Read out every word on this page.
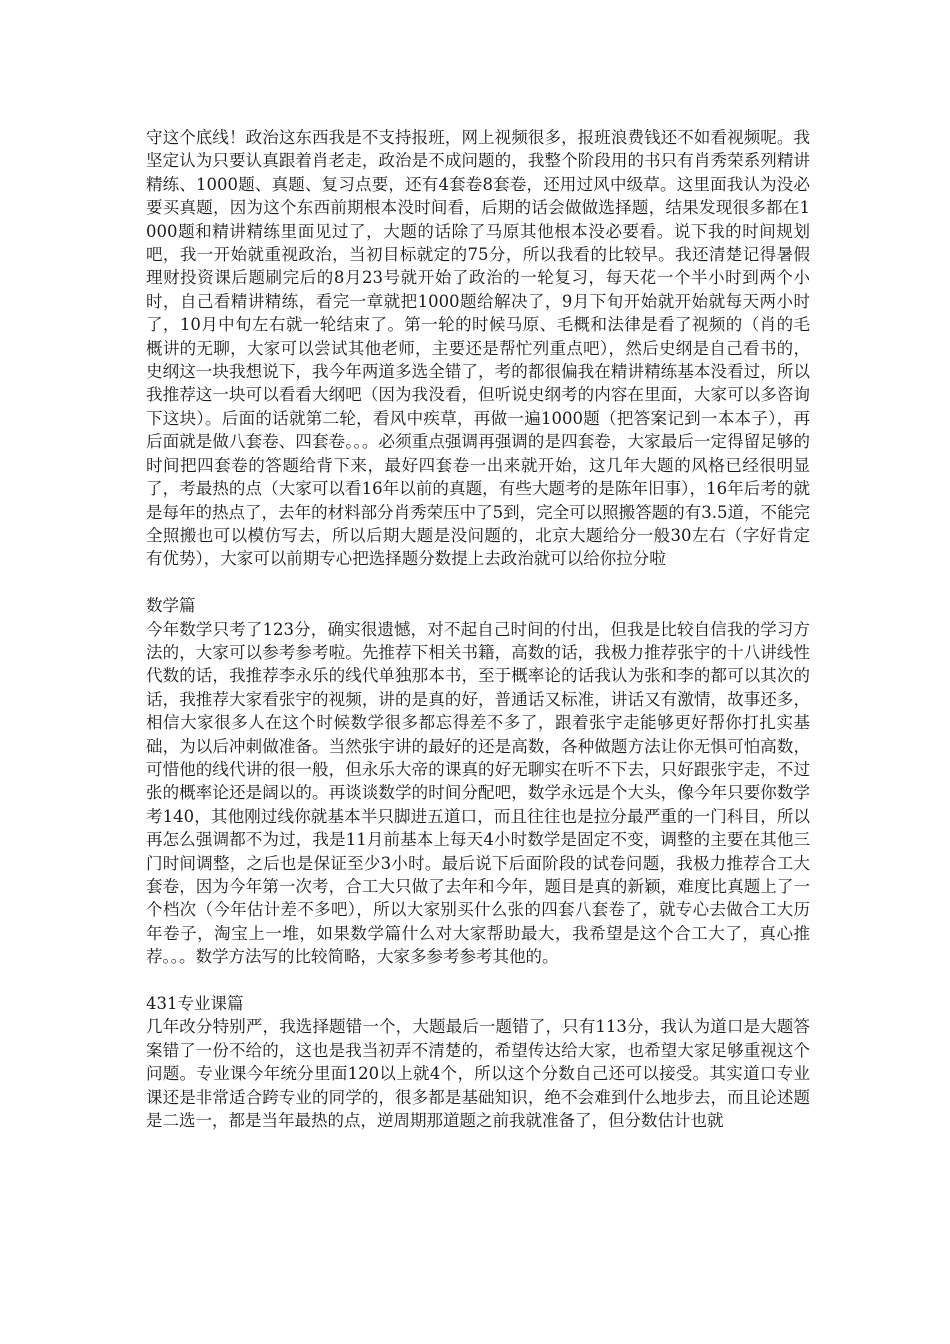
守这个底线！政治这东西我是不支持报班，网上视频很多，报班浪费钱还不如看视频呢。我坚定认为只要认真跟着肖老走，政治是不成问题的，我整个阶段用的书只有肖秀荣系列精讲精练、1000题、真题、复习点要，还有4套卷8套卷，还用过风中级草。这里面我认为没必要买真题，因为这个东西前期根本没时间看，后期的话会做做选择题，结果发现很多都在1000题和精讲精练里面见过了，大题的话除了马原其他根本没必要看。说下我的时间规划吧，我一开始就重视政治，当初目标就定的75分，所以我看的比较早。我还清楚记得暑假理财投资课后题刷完后的8月23号就开始了政治的一轮复习，每天花一个半小时到两个小时，自己看精讲精练，看完一章就把1000题给解决了，9月下旬开始就开始就每天两小时了，10月中旬左右就一轮结束了。第一轮的时候马原、毛概和法律是看了视频的（肖的毛概讲的无聊，大家可以尝试其他老师，主要还是帮忙列重点吧），然后史纲是自己看书的，史纲这一块我想说下，我今年两道多选全错了，考的都很偏我在精讲精练基本没看过，所以我推荐这一块可以看看大纲吧（因为我没看，但听说史纲考的内容在里面，大家可以多咨询下这块）。后面的话就第二轮，看风中疾草，再做一遍1000题（把答案记到一本本子），再后面就是做八套卷、四套卷。。。必须重点强调再强调的是四套卷，大家最后一定得留足够的时间把四套卷的答题给背下来，最好四套卷一出来就开始，这几年大题的风格已经很明显了，考最热的点（大家可以看16年以前的真题，有些大题考的是陈年旧事），16年后考的就是每年的热点了，去年的材料部分肖秀荣压中了5到，完全可以照搬答题的有3.5道，不能完全照搬也可以模仿写去，所以后期大题是没问题的，北京大题给分一般30左右（字好肯定有优势），大家可以前期专心把选择题分数提上去政治就可以给你拉分啦

数学篇

今年数学只考了123分，确实很遗憾，对不起自己时间的付出，但我是比较自信我的学习方法的，大家可以参考参考啦。先推荐下相关书籍，高数的话，我极力推荐张宇的十八讲线性代数的话，我推荐李永乐的线代单独那本书，至于概率论的话我认为张和李的都可以其次的话，我推荐大家看张宇的视频，讲的是真的好，普通话又标准，讲话又有激情，故事还多，相信大家很多人在这个时候数学很多都忘得差不多了，跟着张宇走能够更好帮你打扎实基础，为以后冲刺做准备。当然张宇讲的最好的还是高数，各种做题方法让你无惧可怕高数，可惜他的线代讲的很一般，但永乐大帝的课真的好无聊实在听不下去，只好跟张宇走，不过张的概率论还是阔以的。再谈谈数学的时间分配吧，数学永远是个大头，像今年只要你数学考140，其他刚过线你就基本半只脚进五道口，而且往往也是拉分最严重的一门科目，所以再怎么强调都不为过，我是11月前基本上每天4小时数学是固定不变，调整的主要在其他三门时间调整，之后也是保证至少3小时。最后说下后面阶段的试卷问题，我极力推荐合工大套卷，因为今年第一次考，合工大只做了去年和今年，题目是真的新颖，难度比真题上了一个档次（今年估计差不多吧），所以大家别买什么张的四套八套卷了，就专心去做合工大历年卷子，淘宝上一堆，如果数学篇什么对大家帮助最大，我希望是这个合工大了，真心推荐。。。数学方法写的比较简略，大家多参考参考其他的。

431专业课篇

几年改分特别严，我选择题错一个，大题最后一题错了，只有113分，我认为道口是大题答案错了一份不给的，这也是我当初弄不清楚的，希望传达给大家，也希望大家足够重视这个问题。专业课今年统分里面120以上就4个，所以这个分数自己还可以接受。其实道口专业课还是非常适合跨专业的同学的，很多都是基础知识，绝不会难到什么地步去，而且论述题是二选一，都是当年最热的点，逆周期那道题之前我就准备了，但分数估计也就
